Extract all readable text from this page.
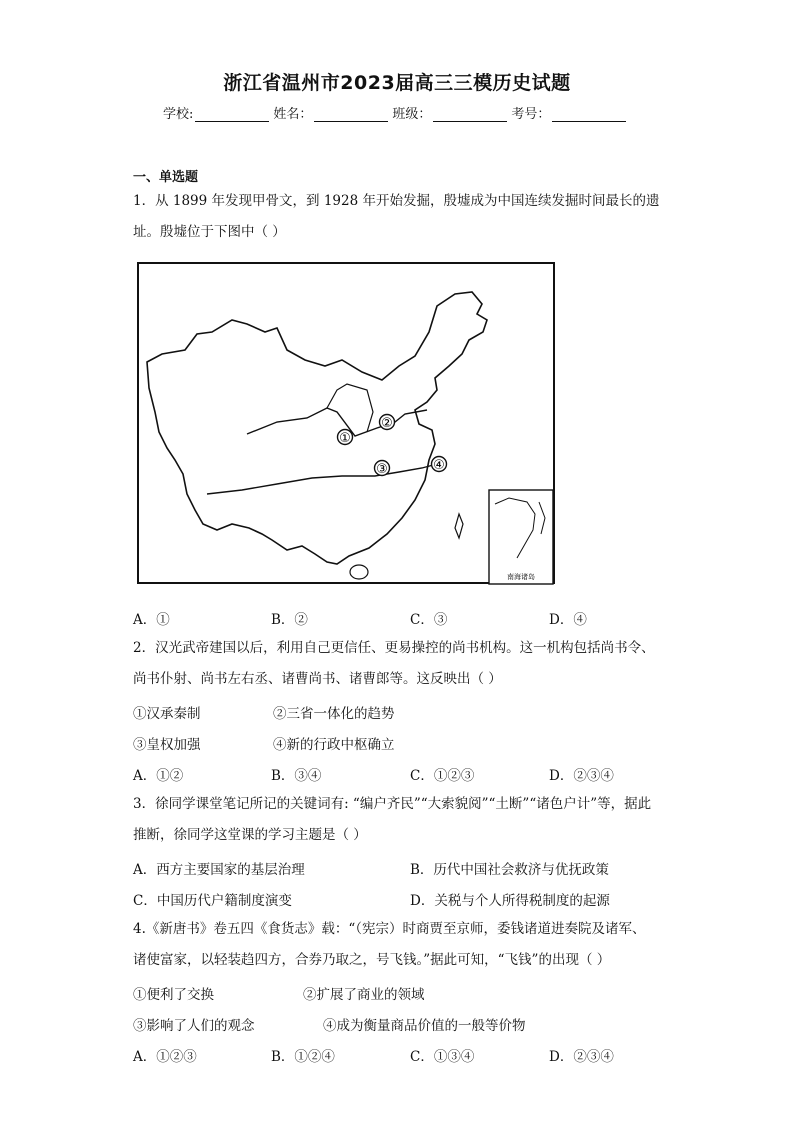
浙江省温州市2023届高三三模历史试题
学校:	姓名：	班级：	考号：
一、单选题
1．从 1899 年发现甲骨文，到 1928 年开始发掘，殷墟成为中国连续发掘时间最长的遗
址。殷墟位于下图中（ ）
①
②
③	④
南海诸岛
A．①	B．②	C．③	D．④
2．汉光武帝建国以后，利用自己更信任、更易操控的尚书机构。这一机构包括尚书令、
尚书仆射、尚书左右丞、诸曹尚书、诸曹郎等。这反映出（ ）
①汉承秦制	②三省一体化的趋势
③皇权加强	④新的行政中枢确立
A．①②	B．③④	C．①②③	D．②③④
3．徐同学课堂笔记所记的关键词有: “编户齐民”“大索貌阅”“土断”“诸色户计”等，据此
推断，徐同学这堂课的学习主题是（ ）
A．西方主要国家的基层治理	B．历代中国社会救济与优抚政策
C．中国历代户籍制度演变	D．关税与个人所得税制度的起源
4.《新唐书》卷五四《食货志》载：“（宪宗）时商贾至京师，委钱诸道进奏院及诸军、
诸使富家，以轻装趋四方，合券乃取之，号飞钱。”据此可知，“飞钱”的出现（ ）
①便利了交换	②扩展了商业的领域
③影响了人们的观念	④成为衡量商品价值的一般等价物
A．①②③	B．①②④	C．①③④	D．②③④
